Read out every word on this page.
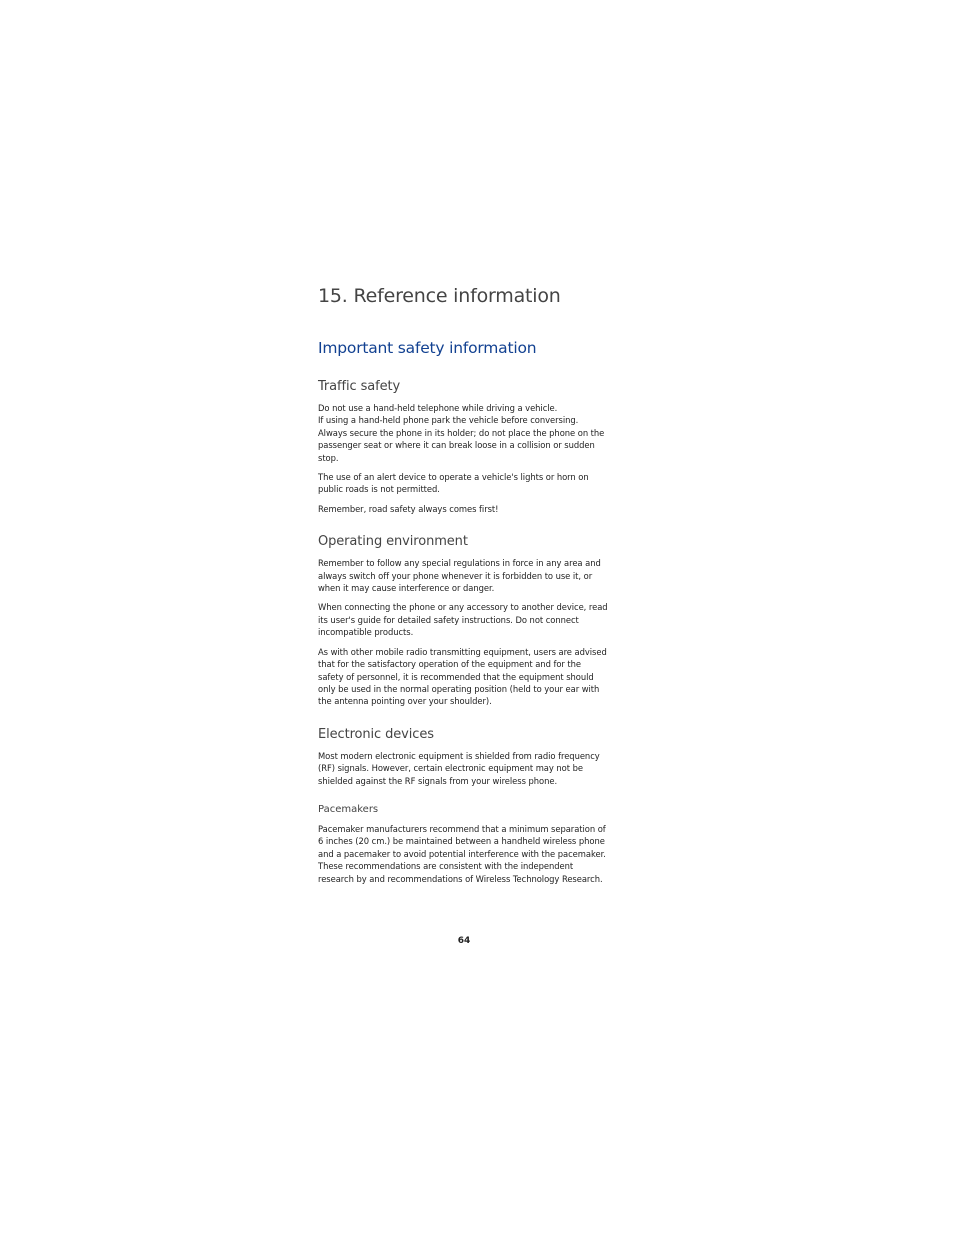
15. Reference information
Important safety information
Traffic safety

Do not use a hand-held telephone while driving a vehicle.
If using a hand-held phone park the vehicle before conversing.
Always secure the phone in its holder; do not place the phone on the
passenger seat or where it can break loose in a collision or sudden
stop.

The use of an alert device to operate a vehicle's lights or horn on
public roads is not permitted.

Remember, road safety always comes first!

Operating environment

Remember to follow any special regulations in force in any area and
always switch off your phone whenever it is forbidden to use it, or
when it may cause interference or danger.

When connecting the phone or any accessory to another device, read
its user's guide for detailed safety instructions. Do not connect
incompatible products.

As with other mobile radio transmitting equipment, users are advised
that for the satisfactory operation of the equipment and for the
safety of personnel, it is recommended that the equipment should
only be used in the normal operating position (held to your ear with
the antenna pointing over your shoulder).

Electronic devices

Most modern electronic equipment is shielded from radio frequency
(RF) signals. However, certain electronic equipment may not be
shielded against the RF signals from your wireless phone.

Pacemakers

Pacemaker manufacturers recommend that a minimum separation of
6 inches (20 cm.) be maintained between a handheld wireless phone
and a pacemaker to avoid potential interference with the pacemaker.
These recommendations are consistent with the independent
research by and recommendations of Wireless Technology Research.

64
